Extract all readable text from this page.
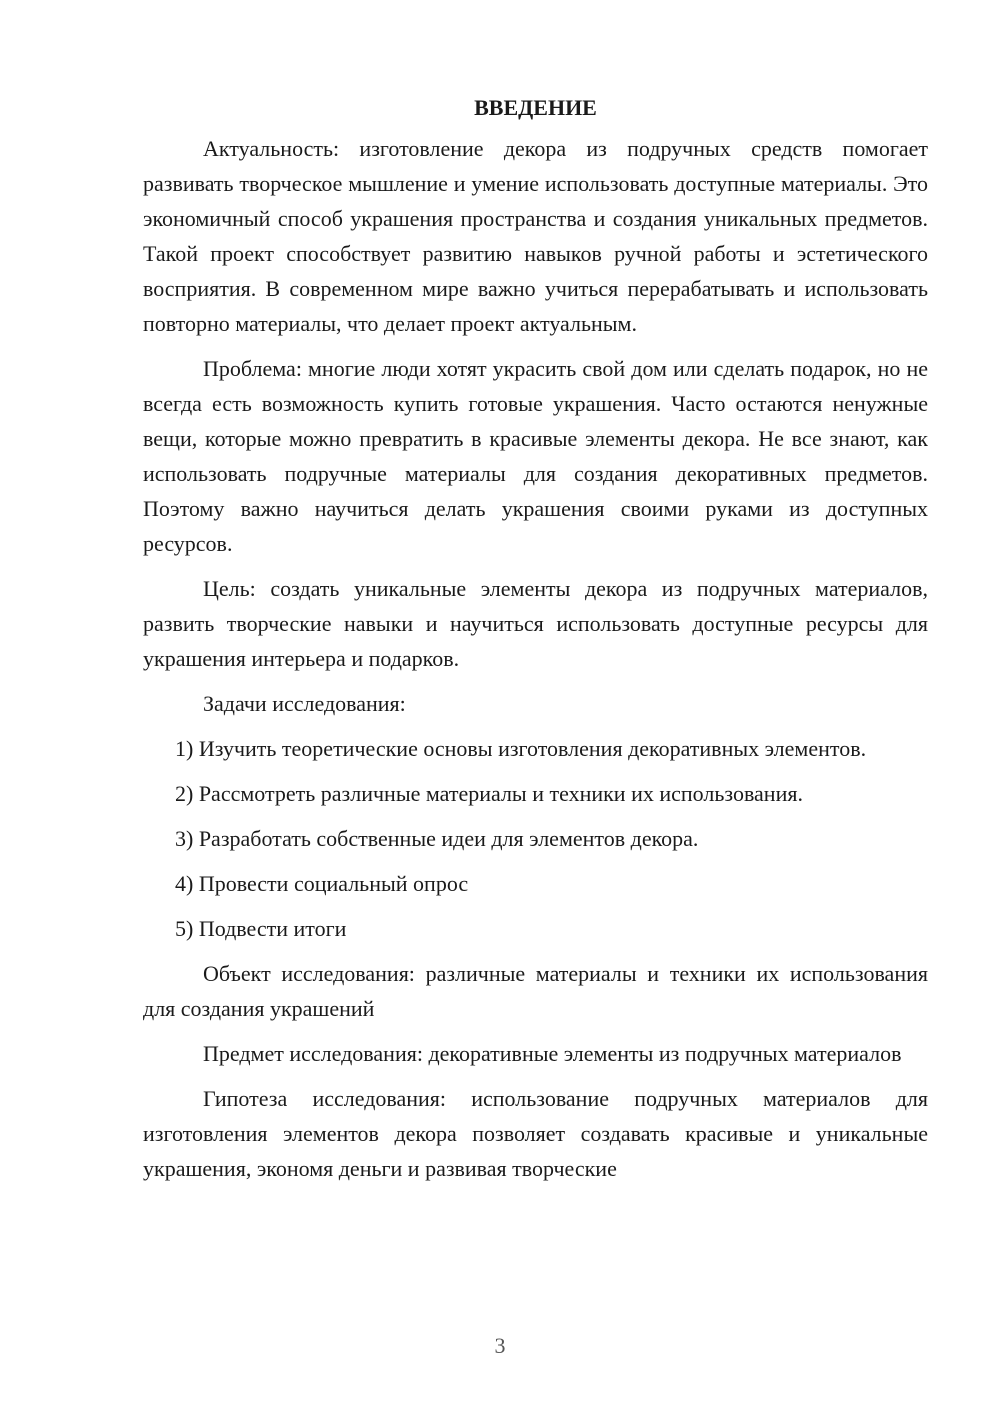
ВВЕДЕНИЕ

Актуальность: изготовление декора из подручных средств помогает развивать творческое мышление и умение использовать доступные материалы. Это экономичный способ украшения пространства и создания уникальных предметов. Такой проект способствует развитию навыков ручной работы и эстетического восприятия. В современном мире важно учиться перерабатывать и использовать повторно материалы, что делает проект актуальным.

Проблема: многие люди хотят украсить свой дом или сделать подарок, но не всегда есть возможность купить готовые украшения. Часто остаются ненужные вещи, которые можно превратить в красивые элементы декора. Не все знают, как использовать подручные материалы для создания декоративных предметов. Поэтому важно научиться делать украшения своими руками из доступных ресурсов.

Цель: создать уникальные элементы декора из подручных материалов, развить творческие навыки и научиться использовать доступные ресурсы для украшения интерьера и подарков.

Задачи исследования:

1) Изучить теоретические основы изготовления декоративных элементов.

2) Рассмотреть различные материалы и техники их использования.

3) Разработать собственные идеи для элементов декора.

4) Провести социальный опрос

5) Подвести итоги

Объект исследования: различные материалы и техники их использования для создания украшений

Предмет исследования: декоративные элементы из подручных материалов

Гипотеза исследования: использование подручных материалов для изготовления элементов декора позволяет создавать красивые и уникальные украшения, экономя деньги и развивая творческие

3
